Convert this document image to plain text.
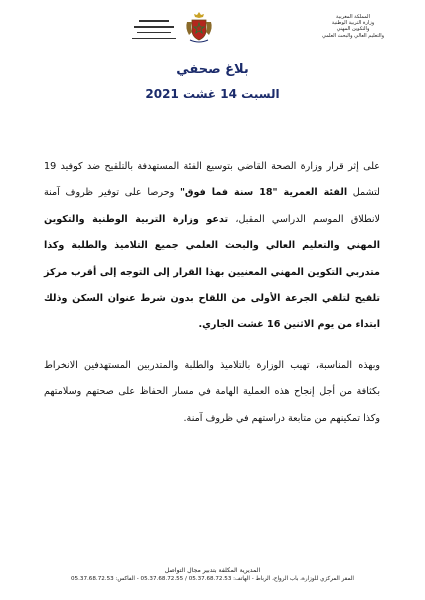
المملكة المغربية
وزارة التربية الوطنية
والتكوين المهني
والتعليم العالي والبحث العلمي
بلاغ صحفي
السبت 14 غشت 2021

على إثر قرار وزارة الصحة القاضي بتوسيع الفئة المستهدفة بالتلقيح ضد كوفيد 19 لتشمل الفئة العمرية "18 سنة فما فوق" وحرصا على توفير ظروف آمنة لانطلاق الموسم الدراسي المقبل، تدعو وزارة التربية الوطنية والتكوين المهني والتعليم العالي والبحث العلمي جميع التلاميذ والطلبة وكذا متدربي التكوين المهني المعنيين بهذا القرار إلى التوجه إلى أقرب مركز تلقيح لتلقي الجرعة الأولى من اللقاح بدون شرط عنوان السكن وذلك ابتداء من يوم الاثنين 16 غشت الجاري.

وبهذه المناسبة، تهيب الوزارة بالتلاميذ والطلبة والمتدربين المستهدفين الانخراط بكثافة من أجل إنجاح هذه العملية الهامة في مسار الحفاظ على صحتهم وسلامتهم وكذا تمكينهم من متابعة دراستهم في ظروف آمنة.

المديرية المكلفة بتدبير مجال التواصل
المقر المركزي للوزارة، باب الرواح، الرباط - الهاتف: 05.37.68.72.53 / 05.37.68.72.55 - الفاكس: 05.37.68.72.53
